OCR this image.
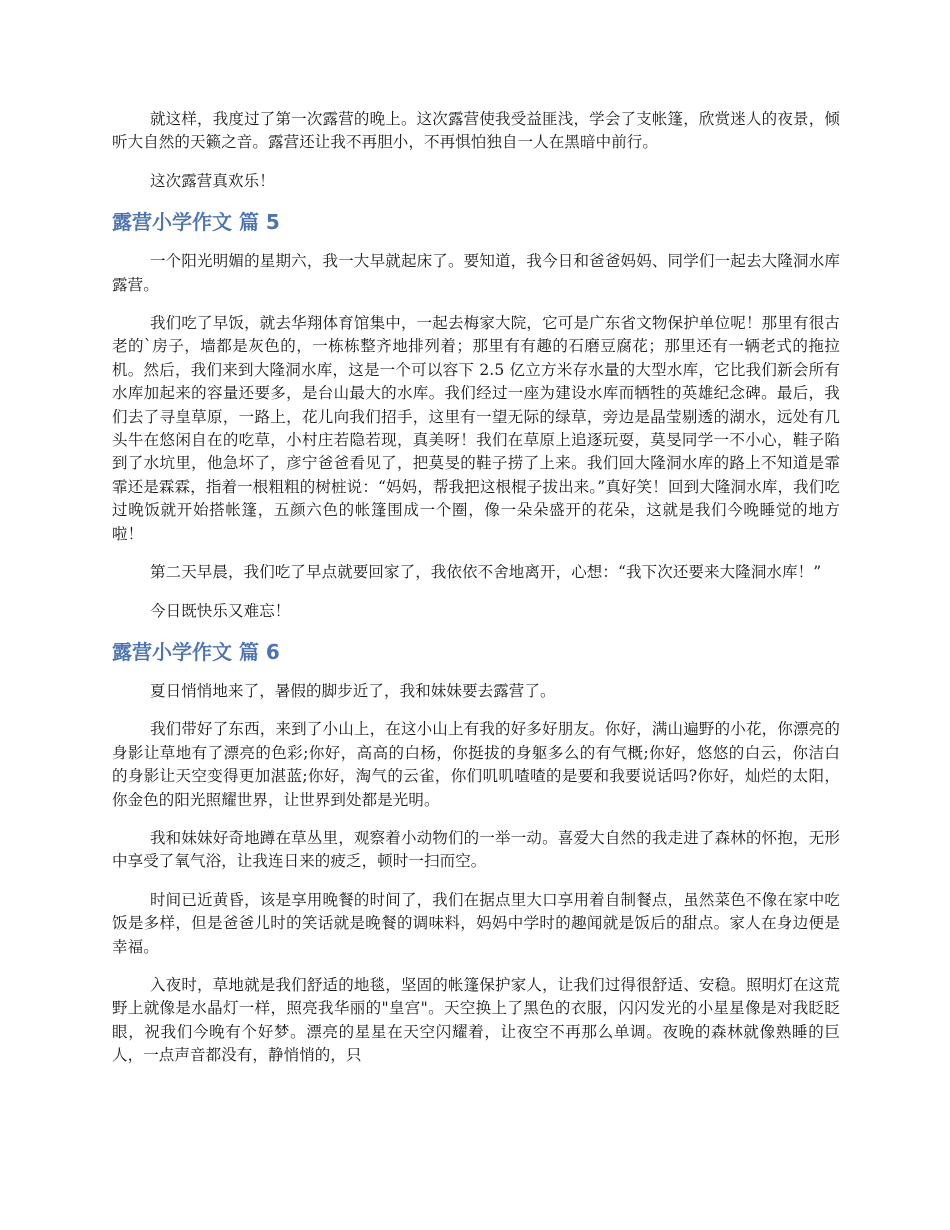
就这样，我度过了第一次露营的晚上。这次露营使我受益匪浅，学会了支帐篷，欣赏迷人的夜景，倾听大自然的天籁之音。露营还让我不再胆小，不再惧怕独自一人在黑暗中前行。

这次露营真欢乐！

露营小学作文 篇 5

一个阳光明媚的星期六，我一大早就起床了。要知道，我今日和爸爸妈妈、同学们一起去大隆洞水库露营。

我们吃了早饭，就去华翔体育馆集中，一起去梅家大院，它可是广东省文物保护单位呢！那里有很古老的`房子，墙都是灰色的，一栋栋整齐地排列着；那里有有趣的石磨豆腐花；那里还有一辆老式的拖拉机。然后，我们来到大隆洞水库，这是一个可以容下 2.5 亿立方米存水量的大型水库，它比我们新会所有水库加起来的容量还要多，是台山最大的水库。我们经过一座为建设水库而牺牲的英雄纪念碑。最后，我们去了寻皇草原，一路上，花儿向我们招手，这里有一望无际的绿草，旁边是晶莹剔透的湖水，远处有几头牛在悠闲自在的吃草，小村庄若隐若现，真美呀！我们在草原上追逐玩耍，莫旻同学一不小心，鞋子陷到了水坑里，他急坏了，彦宁爸爸看见了，把莫旻的鞋子捞了上来。我们回大隆洞水库的路上不知道是霏霏还是霖霖，指着一根粗粗的树桩说：“妈妈，帮我把这根棍子拔出来。”真好笑！回到大隆洞水库，我们吃过晚饭就开始搭帐篷，五颜六色的帐篷围成一个圈，像一朵朵盛开的花朵，这就是我们今晚睡觉的地方啦！

第二天早晨，我们吃了早点就要回家了，我依依不舍地离开，心想：“我下次还要来大隆洞水库！”

今日既快乐又难忘！

露营小学作文 篇 6

夏日悄悄地来了，暑假的脚步近了，我和妹妹要去露营了。

我们带好了东西，来到了小山上，在这小山上有我的好多好朋友。你好，满山遍野的小花，你漂亮的身影让草地有了漂亮的色彩;你好，高高的白杨，你挺拔的身躯多么的有气概;你好，悠悠的白云，你洁白的身影让天空变得更加湛蓝;你好，淘气的云雀，你们叽叽喳喳的是要和我要说话吗?你好，灿烂的太阳，你金色的阳光照耀世界，让世界到处都是光明。

我和妹妹好奇地蹲在草丛里，观察着小动物们的一举一动。喜爱大自然的我走进了森林的怀抱，无形中享受了氧气浴，让我连日来的疲乏，顿时一扫而空。

时间已近黄昏，该是享用晚餐的时间了，我们在据点里大口享用着自制餐点，虽然菜色不像在家中吃饭是多样，但是爸爸儿时的笑话就是晚餐的调味料，妈妈中学时的趣闻就是饭后的甜点。家人在身边便是幸福。

入夜时，草地就是我们舒适的地毯，坚固的帐篷保护家人，让我们过得很舒适、安稳。照明灯在这荒野上就像是水晶灯一样，照亮我华丽的"皇宫"。天空换上了黑色的衣服，闪闪发光的小星星像是对我眨眨眼，祝我们今晚有个好梦。漂亮的星星在天空闪耀着，让夜空不再那么单调。夜晚的森林就像熟睡的巨人，一点声音都没有，静悄悄的，只
